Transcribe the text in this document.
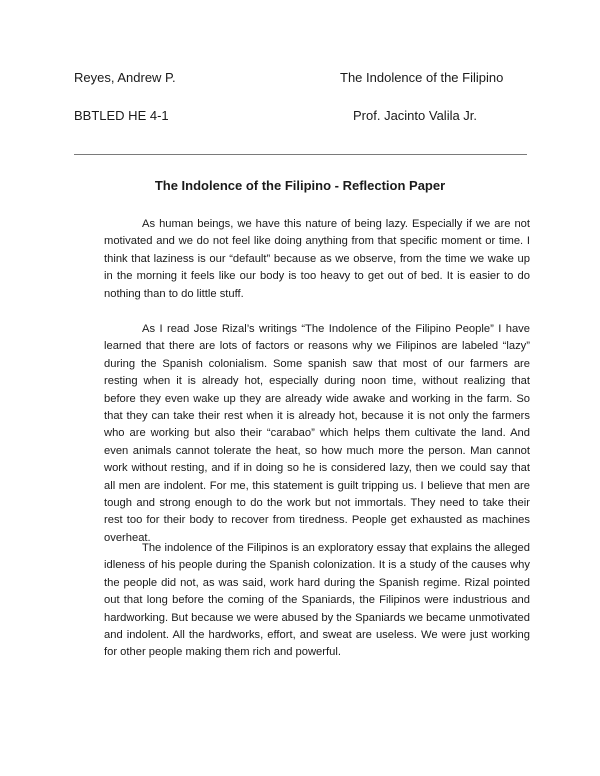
Reyes, Andrew P.	The Indolence of the Filipino
BBTLED HE 4-1	Prof. Jacinto Valila Jr.
The Indolence of the Filipino - Reflection Paper

As human beings, we have this nature of being lazy. Especially if we are not motivated and we do not feel like doing anything from that specific moment or time. I think that laziness is our “default” because as we observe, from the time we wake up in the morning it feels like our body is too heavy to get out of bed. It is easier to do nothing than to do little stuff.

As I read Jose Rizal’s writings “The Indolence of the Filipino People” I have learned that there are lots of factors or reasons why we Filipinos are labeled “lazy” during the Spanish colonialism. Some spanish saw that most of our farmers are resting when it is already hot, especially during noon time, without realizing that before they even wake up they are already wide awake and working in the farm. So that they can take their rest when it is already hot, because it is not only the farmers who are working but also their “carabao” which helps them cultivate the land. And even animals cannot tolerate the heat, so how much more the person. Man cannot work without resting, and if in doing so he is considered lazy, then we could say that all men are indolent. For me, this statement is guilt tripping us. I believe that men are tough and strong enough to do the work but not immortals. They need to take their rest too for their body to recover from tiredness. People get exhausted as machines overheat.

The indolence of the Filipinos is an exploratory essay that explains the alleged idleness of his people during the Spanish colonization. It is a study of the causes why the people did not, as was said, work hard during the Spanish regime. Rizal pointed out that long before the coming of the Spaniards, the Filipinos were industrious and hardworking. But because we were abused by the Spaniards we became unmotivated and indolent. All the hardworks, effort, and sweat are useless. We were just working for other people making them rich and powerful.
